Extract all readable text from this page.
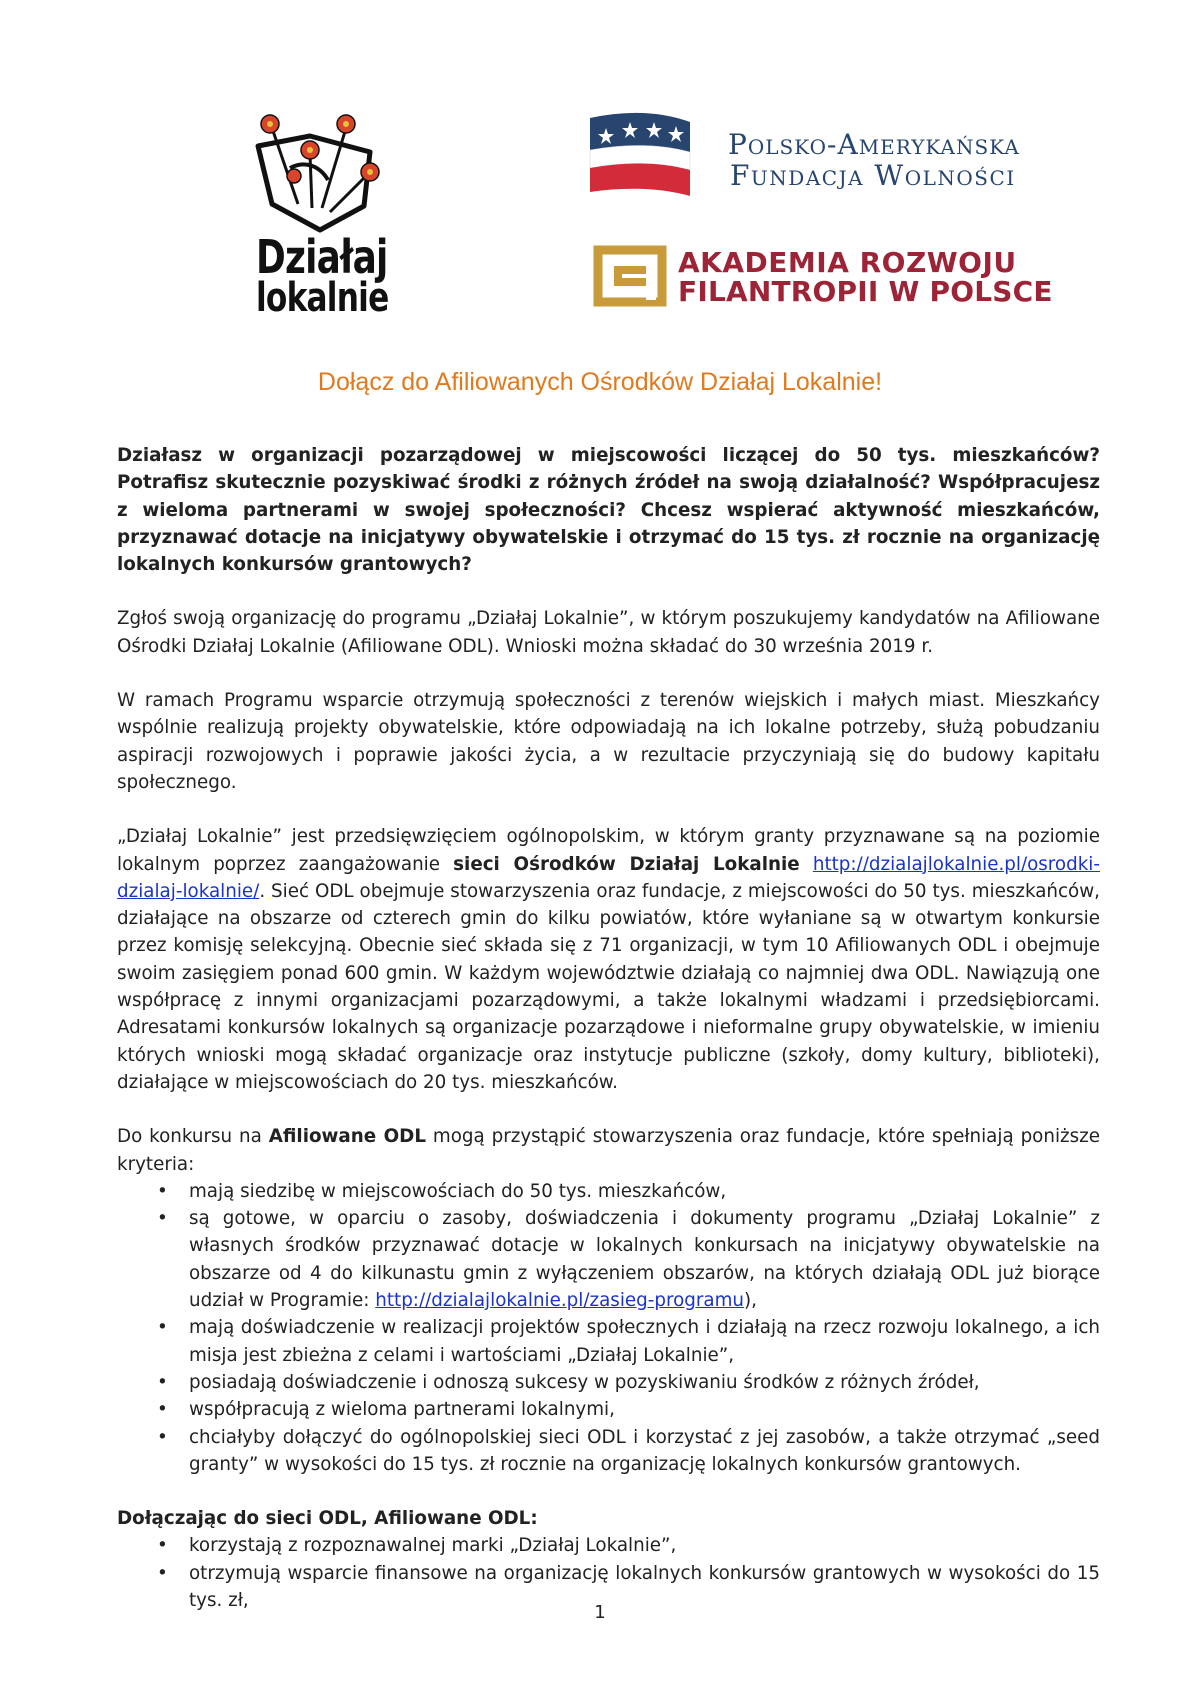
Działaj
lokalnie
Polsko-Amerykańska
Fundacja Wolności
AKADEMIA ROZWOJU
FILANTROPII W POLSCE
Dołącz do Afiliowanych Ośrodków Działaj Lokalnie!

Działasz w organizacji pozarządowej w miejscowości liczącej do 50 tys. mieszkańców? Potrafisz skutecznie pozyskiwać środki z różnych źródeł na swoją działalność? Współpracujesz z wieloma partnerami w swojej społeczności? Chcesz wspierać aktywność mieszkańców, przyznawać dotacje na inicjatywy obywatelskie i otrzymać do 15 tys. zł rocznie na organizację lokalnych konkursów grantowych?

Zgłoś swoją organizację do programu „Działaj Lokalnie”, w którym poszukujemy kandydatów na Afiliowane Ośrodki Działaj Lokalnie (Afiliowane ODL). Wnioski można składać do 30 września 2019 r.

W ramach Programu wsparcie otrzymują społeczności z terenów wiejskich i małych miast. Mieszkańcy wspólnie realizują projekty obywatelskie, które odpowiadają na ich lokalne potrzeby, służą pobudzaniu aspiracji rozwojowych i poprawie jakości życia, a w rezultacie przyczyniają się do budowy kapitału społecznego.

„Działaj Lokalnie” jest przedsięwzięciem ogólnopolskim, w którym granty przyznawane są na poziomie lokalnym poprzez zaangażowanie sieci Ośrodków Działaj Lokalnie http://dzialajlokalnie.pl/osrodki-dzialaj-lokalnie/. Sieć ODL obejmuje stowarzyszenia oraz fundacje, z miejscowości do 50 tys. mieszkańców, działające na obszarze od czterech gmin do kilku powiatów, które wyłaniane są w otwartym konkursie przez komisję selekcyjną. Obecnie sieć składa się z 71 organizacji, w tym 10 Afiliowanych ODL i obejmuje swoim zasięgiem ponad 600 gmin. W każdym województwie działają co najmniej dwa ODL. Nawiązują one współpracę z innymi organizacjami pozarządowymi, a także lokalnymi władzami i przedsiębiorcami. Adresatami konkursów lokalnych są organizacje pozarządowe i nieformalne grupy obywatelskie, w imieniu których wnioski mogą składać organizacje oraz instytucje publiczne (szkoły, domy kultury, biblioteki), działające w miejscowościach do 20 tys. mieszkańców.

Do konkursu na Afiliowane ODL mogą przystąpić stowarzyszenia oraz fundacje, które spełniają poniższe kryteria:

• mają siedzibę w miejscowościach do 50 tys. mieszkańców,
• są gotowe, w oparciu o zasoby, doświadczenia i dokumenty programu „Działaj Lokalnie” z własnych środków przyznawać dotacje w lokalnych konkursach na inicjatywy obywatelskie na obszarze od 4 do kilkunastu gmin z wyłączeniem obszarów, na których działają ODL już biorące udział w Programie: http://dzialajlokalnie.pl/zasieg-programu),
• mają doświadczenie w realizacji projektów społecznych i działają na rzecz rozwoju lokalnego, a ich misja jest zbieżna z celami i wartościami „Działaj Lokalnie”,
• posiadają doświadczenie i odnoszą sukcesy w pozyskiwaniu środków z różnych źródeł,
• współpracują z wieloma partnerami lokalnymi,
• chciałyby dołączyć do ogólnopolskiej sieci ODL i korzystać z jej zasobów, a także otrzymać „seed granty” w wysokości do 15 tys. zł rocznie na organizację lokalnych konkursów grantowych.

Dołączając do sieci ODL, Afiliowane ODL:

• korzystają z rozpoznawalnej marki „Działaj Lokalnie”,
• otrzymują wsparcie finansowe na organizację lokalnych konkursów grantowych w wysokości do 15 tys. zł,
1
